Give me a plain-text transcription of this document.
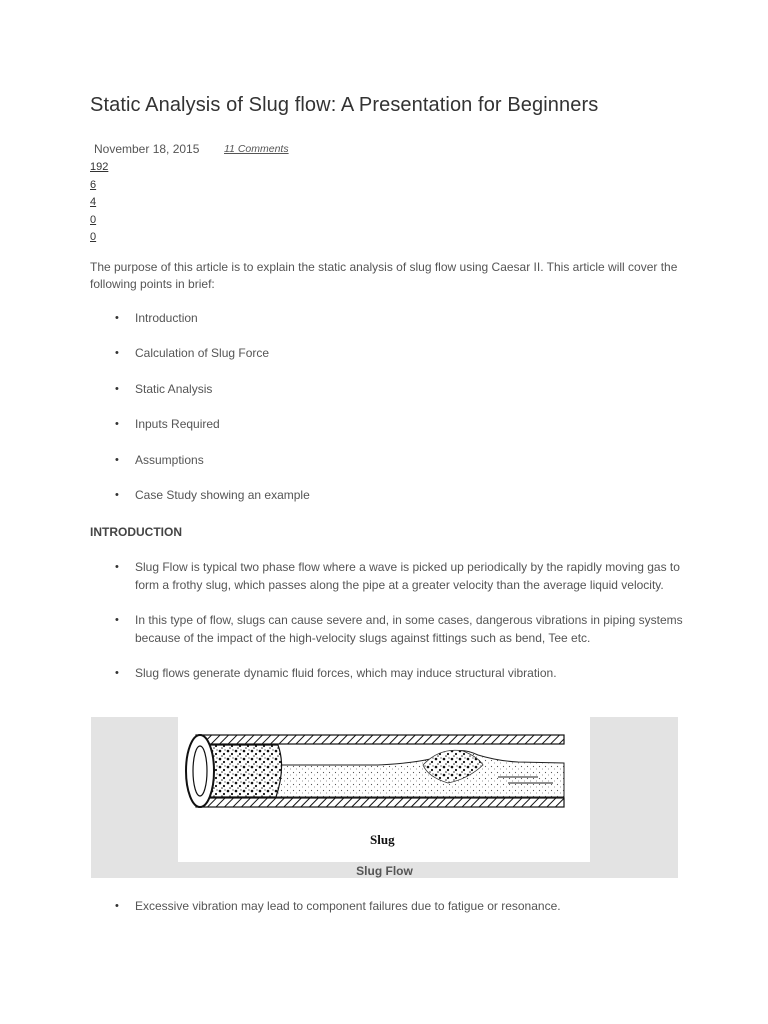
Static Analysis of Slug flow: A Presentation for Beginners
November 18, 2015 11 Comments
192
6
4
0
0

The purpose of this article is to explain the static analysis of slug flow using Caesar II. This article will cover the following points in brief:

• Introduction
• Calculation of Slug Force
• Static Analysis
• Inputs Required
• Assumptions
• Case Study showing an example
INTRODUCTION
• Slug Flow is typical two phase flow where a wave is picked up periodically by the rapidly moving gas to form a frothy slug, which passes along the pipe at a greater velocity than the average liquid velocity.
• In this type of flow, slugs can cause severe and, in some cases, dangerous vibrations in piping systems because of the impact of the high-velocity slugs against fittings such as bend, Tee etc.
• Slug flows generate dynamic fluid forces, which may induce structural vibration.
Slug
Slug Flow
• Excessive vibration may lead to component failures due to fatigue or resonance.
